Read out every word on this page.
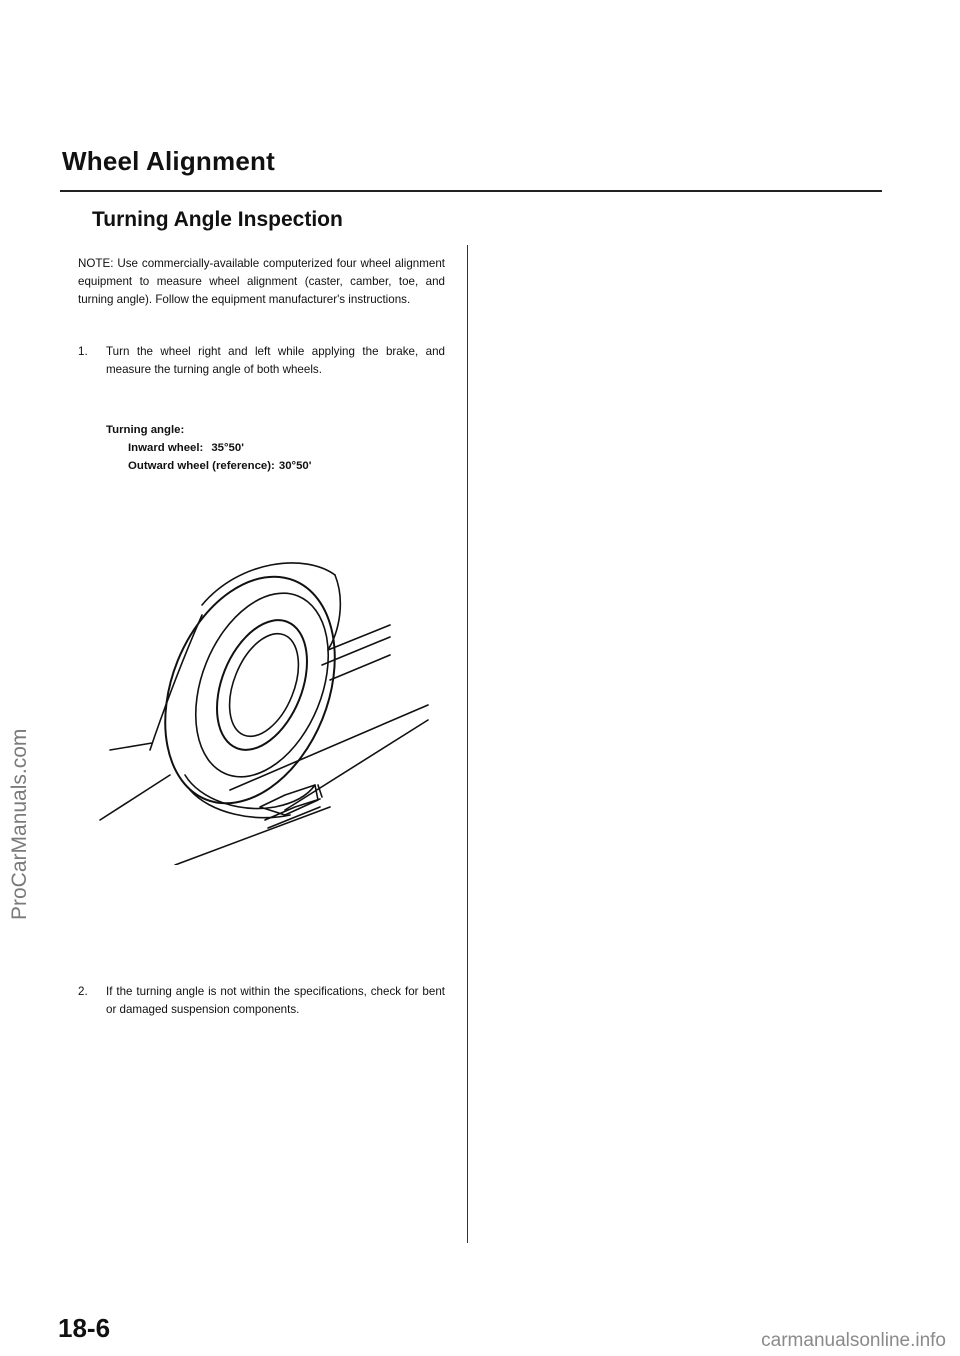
Wheel Alignment
Turning Angle Inspection
NOTE: Use commercially-available computerized four wheel alignment equipment to measure wheel alignment (caster, camber, toe, and turning angle). Follow the equipment manufacturer's instructions.
1.	Turn the wheel right and left while applying the brake, and measure the turning angle of both wheels.
Turning angle:
Inward wheel: 35°50'
Outward wheel (reference): 30°50'
2.	If the turning angle is not within the specifications, check for bent or damaged suspension components.
ProCarManuals.com
18-6	carmanualsonline.info
